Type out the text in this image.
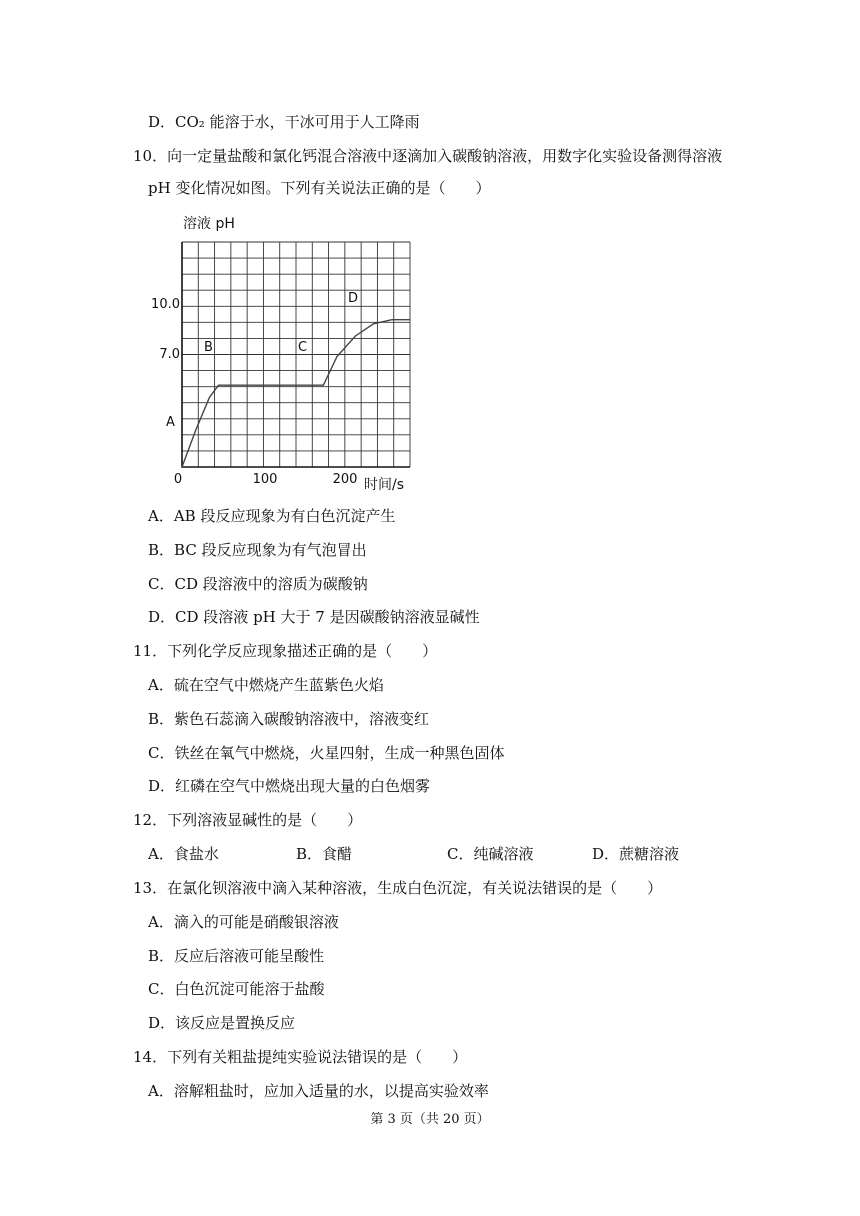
D．CO₂ 能溶于水，干冰可用于人工降雨
10．向一定量盐酸和氯化钙混合溶液中逐滴加入碳酸钠溶液，用数字化实验设备测得溶液
pH 变化情况如图。下列有关说法正确的是（　　）
溶液 pH
时间/s
0	100	200
7.0
10.0
A
B	C
D
A．AB 段反应现象为有白色沉淀产生
B．BC 段反应现象为有气泡冒出
C．CD 段溶液中的溶质为碳酸钠
D．CD 段溶液 pH 大于 7 是因碳酸钠溶液显碱性
11．下列化学反应现象描述正确的是（　　）
A．硫在空气中燃烧产生蓝紫色火焰
B．紫色石蕊滴入碳酸钠溶液中，溶液变红
C．铁丝在氧气中燃烧，火星四射，生成一种黑色固体
D．红磷在空气中燃烧出现大量的白色烟雾
12．下列溶液显碱性的是（　　）
A．食盐水	B．食醋	C．纯碱溶液	D．蔗糖溶液
13．在氯化钡溶液中滴入某种溶液，生成白色沉淀，有关说法错误的是（　　）
A．滴入的可能是硝酸银溶液
B．反应后溶液可能呈酸性
C．白色沉淀可能溶于盐酸
D．该反应是置换反应
14．下列有关粗盐提纯实验说法错误的是（　　）
A．溶解粗盐时，应加入适量的水，以提高实验效率
第 3 页（共 20 页）
